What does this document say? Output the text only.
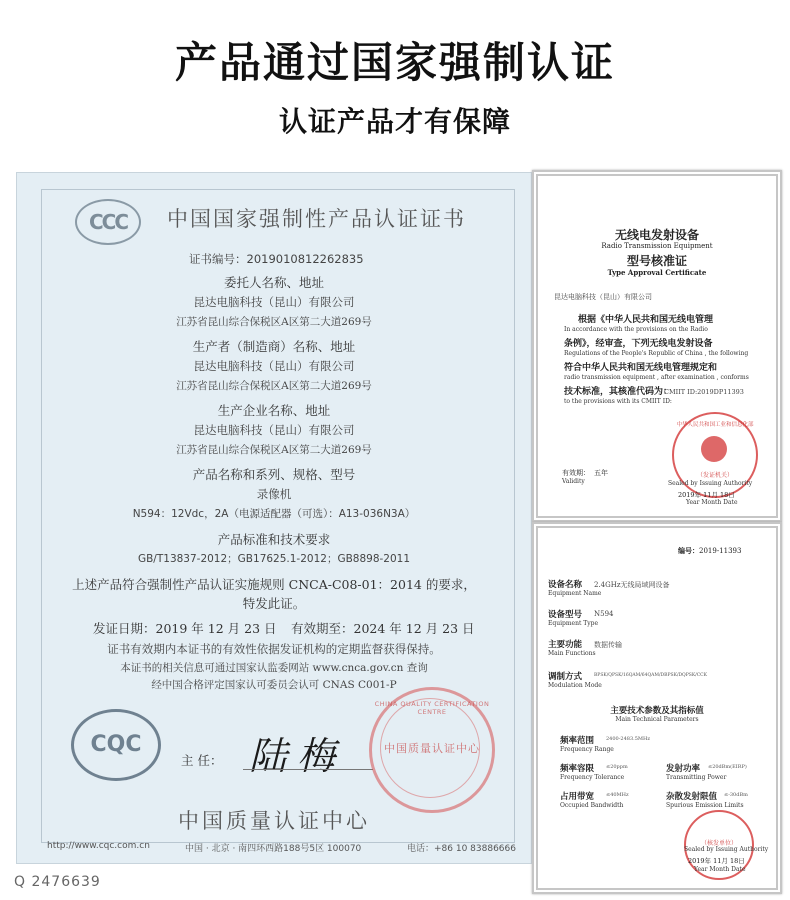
产品通过国家强制认证
认证产品才有保障
CCC	中国国家强制性产品认证证书
证书编号：2019010812262835
委托人名称、地址
昆达电脑科技（昆山）有限公司
江苏省昆山综合保税区A区第二大道269号
生产者（制造商）名称、地址
昆达电脑科技（昆山）有限公司
江苏省昆山综合保税区A区第二大道269号
生产企业名称、地址
昆达电脑科技（昆山）有限公司
江苏省昆山综合保税区A区第二大道269号
产品名称和系列、规格、型号
录像机
N594：12Vdc，2A（电源适配器（可选）：A13-036N3A）
产品标准和技术要求
GB/T13837-2012；GB17625.1-2012；GB8898-2011
上述产品符合强制性产品认证实施规则 CNCA-C08-01：2014 的要求，
特发此证。
发证日期：2019 年 12 月 23 日 有效期至：2024 年 12 月 23 日
证书有效期内本证书的有效性依据发证机构的定期监督获得保持。
本证书的相关信息可通过国家认监委网站 www.cnca.gov.cn 查询
经中国合格评定国家认可委员会认可 CNAS C001-P
CQC
主 任： 陆梅
CHINA QUALITY CERTIFICATION CENTRE
中国质量认证中心
中国质量认证中心
http://www.cqc.com.cn	中国 · 北京 · 南四环西路188号5区 100070	电话：+86 10 83886666
Q 2476639
无线电发射设备
Radio Transmission Equipment
型号核准证
Type Approval Certificate
昆达电脑科技（昆山）有限公司
根据《中华人民共和国无线电管理
In accordance with the provisions on the Radio
条例》，经审查，下列无线电发射设备
Regulations of the People's Republic of China , the following
符合中华人民共和国无线电管理规定和
radio transmission equipment , after examination , conforms
技术标准，其核准代码为：
CMIIT ID:2019DP11393
to the provisions with its CMIIT ID:
中华人民共和国工业和信息化部
（发证机关）
有效期： 五年
Validity	Sealed by Issuing Authority
2019年 11月 18日
Year Month Date
编号：2019-11393
设备名称 2.4GHz无线局域网设备
Equipment Name
设备型号 N594
Equipment Type
主要功能 数据传输
Main Functions
调制方式	BPSK/QPSK/16QAM/64QAM/DBPSK/DQPSK/CCK
Modulation Mode
主要技术参数及其指标值
Main Technical Parameters
频率范围 2400-2483.5MHz
Frequency Range
频率容限 ≤20ppm
Frequency Tolerance
发射功率 ≤20dBm(EIRP)
Transmitting Power
占用带宽 ≤40MHz
Occupied Bandwidth
杂散发射限值 ≤-30dBm
Spurious Emission Limits
（核发单位）
Sealed by Issuing Authority
2019年 11月 18日
Year Month Date
